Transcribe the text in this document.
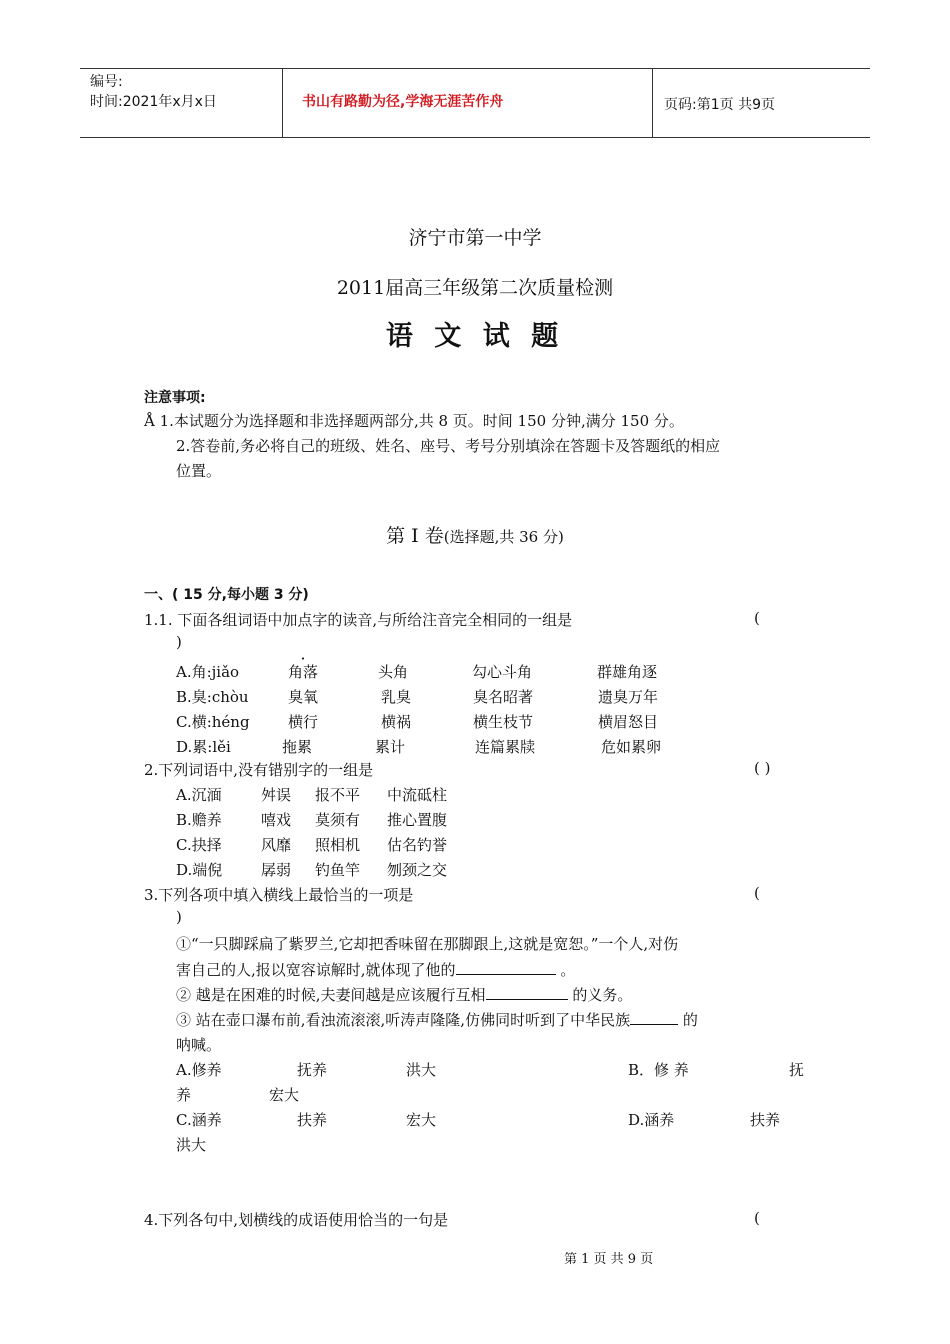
编号:
时间:2021年x月x日	书山有路勤为径,学海无涯苦作舟	页码:第1页 共9页
济宁市第一中学
2011届高三年级第二次质量检测
语 文 试 题
注意事项:
Å 1.本试题分为选择题和非选择题两部分,共 8 页。时间 150 分钟,满分 150 分。
2.答卷前,务必将自己的班级、姓名、座号、考号分别填涂在答题卡及答题纸的相应
位置。
第 I 卷(选择题,共 36 分)
一、( 15 分,每小题 3 分)
1.1. 下面各组词语中加点字的读音,与所给注音完全相同的一组是	(
)
A.角:jiǎo	角落	头角	勾心斗角	群雄角逐
B.臭:chòu	臭氧	乳臭	臭名昭著	遗臭万年
C.横:héng	横行	横祸	横生枝节	横眉怒目
D.累:lěi	拖累	累计	连篇累牍	危如累卵
2.下列词语中,没有错别字的一组是	( )
A.沉湎	舛误 报不平 中流砥柱
B.赡养	嘻戏 莫须有 推心置腹
C.抉择	风靡 照相机 估名钓誉
D.端倪	孱弱 钓鱼竿 刎颈之交
3.下列各项中填入横线上最恰当的一项是	(
)
①“一只脚踩扁了紫罗兰,它却把香味留在那脚跟上,这就是宽恕。”一个人,对伤
害自己的人,报以宽容谅解时,就体现了他的	。
② 越是在困难的时候,夫妻间越是应该履行互相	的义务。
③ 站在壶口瀑布前,看浊流滚滚,听涛声隆隆,仿佛同时听到了中华民族	的
呐喊。
A.修养	抚养	洪大	B．修 养	抚
养	宏大
C.涵养	扶养	宏大	D.涵养	扶养
洪大
4.下列各句中,划横线的成语使用恰当的一句是	(
第 1 页 共 9 页
